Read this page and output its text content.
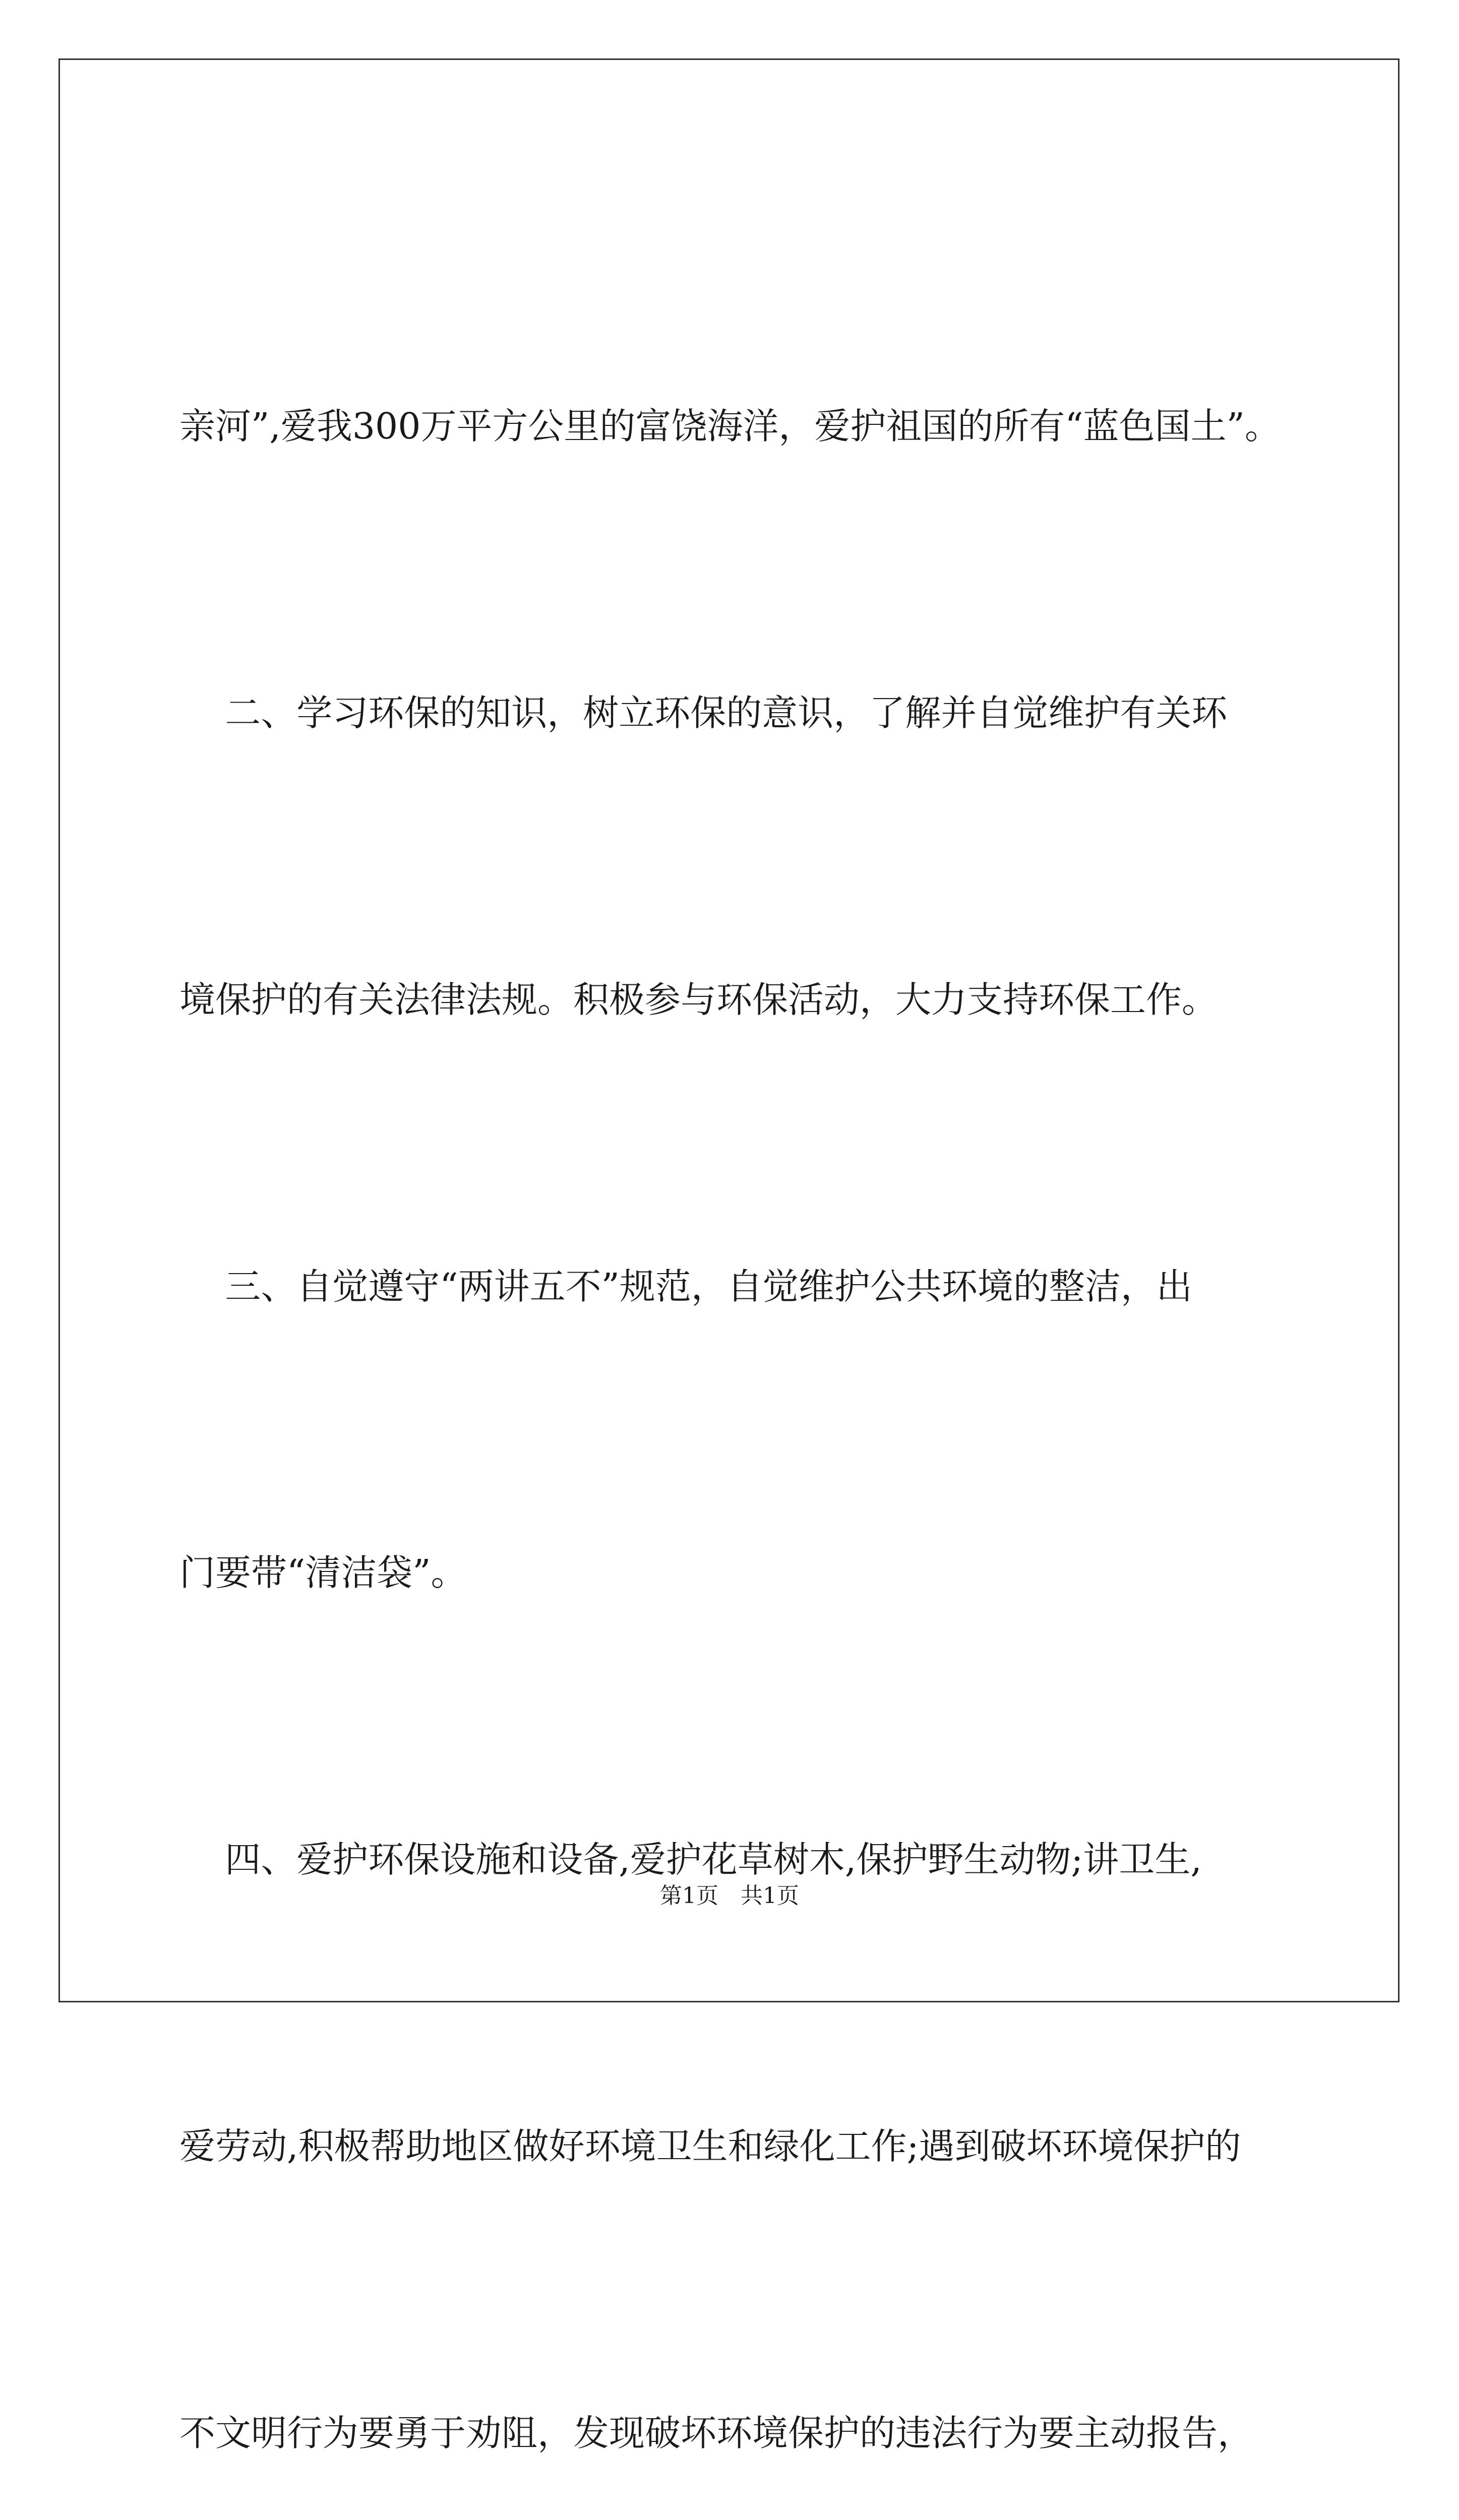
亲河”,爱我300万平方公里的富饶海洋，爱护祖国的所有“蓝色国土”。

二、学习环保的知识，树立环保的意识，了解并自觉维护有关环

境保护的有关法律法规。积极参与环保活动，大力支持环保工作。

三、自觉遵守“两讲五不”规范，自觉维护公共环境的整洁，出

门要带“清洁袋”。

四、爱护环保设施和设备,爱护花草树木,保护野生动物;讲卫生,

爱劳动,积极帮助地区做好环境卫生和绿化工作;遇到破坏环境保护的

不文明行为要勇于劝阻，发现破坏环境保护的违法行为要主动报告，

第1页 共1页
